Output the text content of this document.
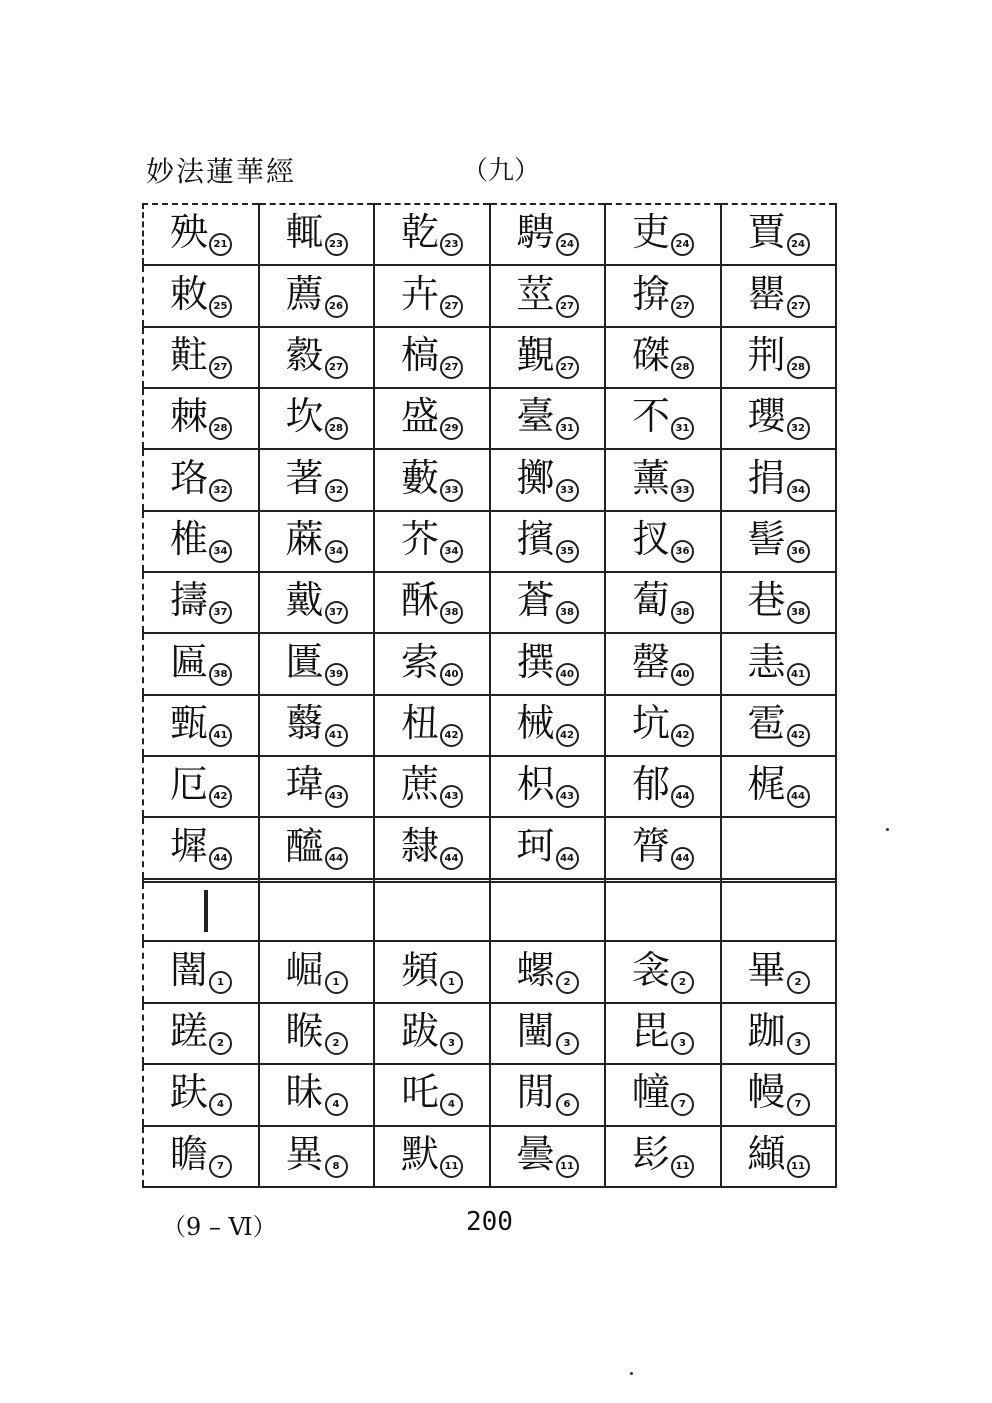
妙法蓮華經	（九）
殃 21	輒 23	乾 23	騁 24	吏 24	賈 24
敕 25	薦 26	卉 27	莖 27	揜 27	罌 27
黈 27	縠 27	槁 27	覲 27	磔 28	荆 28
棘 28	坎 28	盛 29	臺 31	不 31	瓔 32
珞 32	著 32	藪 33	擲 33	薰 33	捐 34
椎 34	蔴 34	芥 34	擯 35	扠 36	髻 36
擣 37	戴 37	酥 38	蒼 38	蔔 38	巷 38
匾 38	匱 39	索 40	撰 40	罄 40	恚 41
甄 41	蘙 41	杻 42	械 42	坑 42	雹 42
厄 42	瑋 43	蔗 43	枳 43	郁 44	梶 44
墀 44	醯 44	隸 44	珂 44	膂 44	

闇 1	崛 1	頻 1	螺 2	衾 2	畢 2
蹉 2	睺 2	跋 3	闉 3	毘 3	跏 3
趺 4	昧 4	吒 4	閒 6	幢 7	幔 7
瞻 7	異 8	默 11	曇 11	髟 11	纈 11
（9 – Ⅵ）	200
